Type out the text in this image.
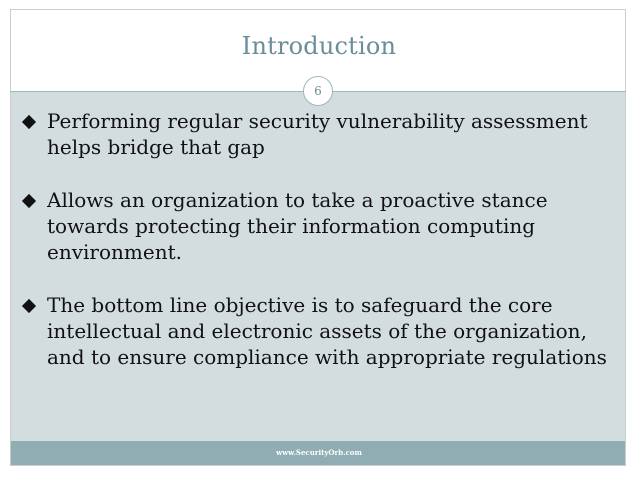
Introduction
6
Performing regular security vulnerability assessment helps bridge that gap
Allows an organization to take a proactive stance towards protecting their information computing environment.
The bottom line objective is to safeguard the core intellectual and electronic assets of the organization, and to ensure compliance with appropriate regulations
www.SecurityOrb.com
